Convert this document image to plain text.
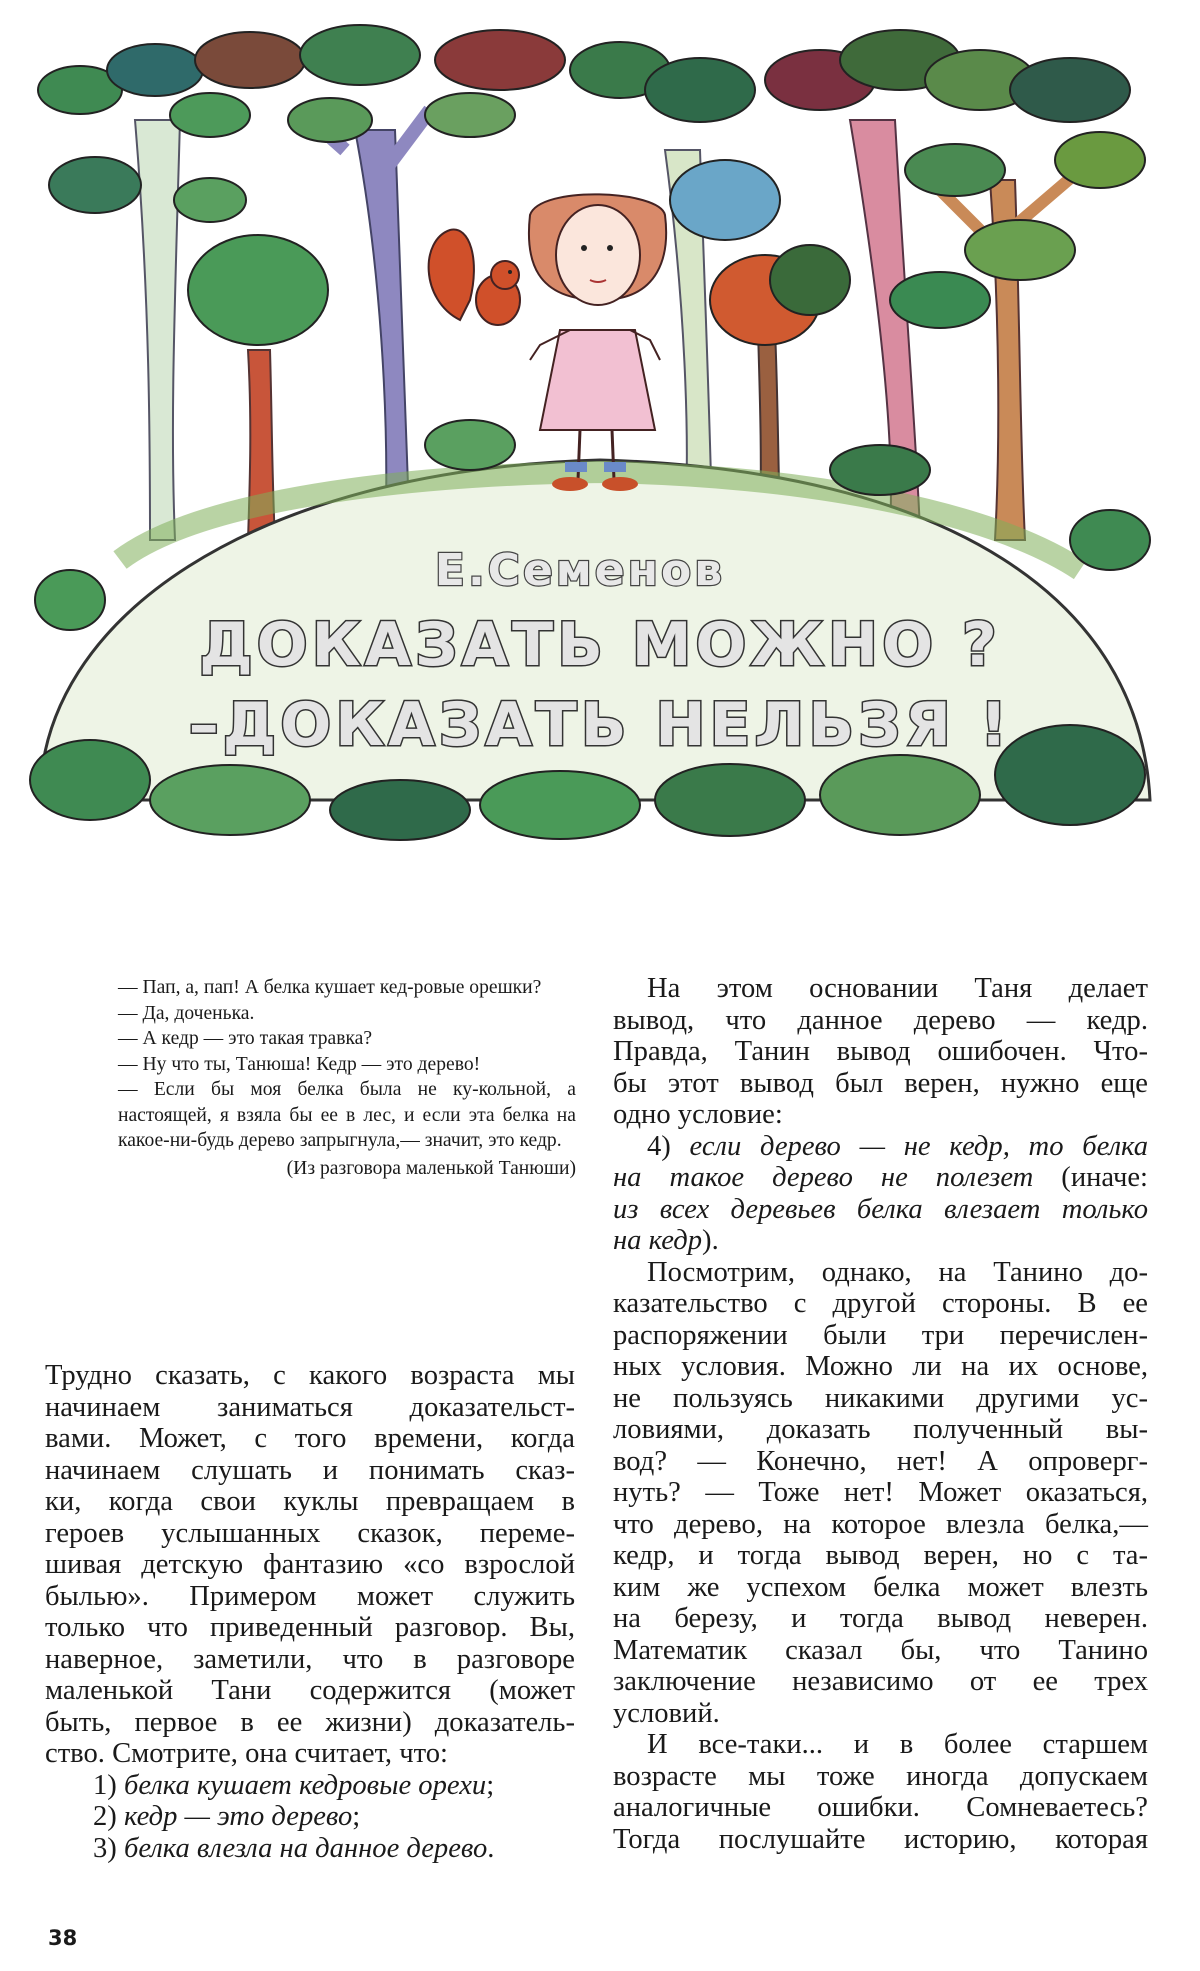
Е.Семенов
ДОКАЗАТЬ МОЖНО ?
–ДОКАЗАТЬ НЕЛЬЗЯ !

— Пап, а, пап! А белка кушает кед-ровые орешки?

— Да, доченька.

— А кедр — это такая травка?

— Ну что ты, Танюша! Кедр — это дерево!

— Если бы моя белка была не ку-кольной, а настоящей, я взяла бы ее в лес, и если эта белка на какое-ни-будь дерево запрыгнула,— значит, это кедр.

(Из разговора маленькой Танюши)

Трудно сказать, с какого возраста мы
начинаем заниматься доказательст-
вами. Может, с того времени, когда
начинаем слушать и понимать сказ-
ки, когда свои куклы превращаем в
героев услышанных сказок, переме-
шивая детскую фантазию «со взрослой
былью». Примером может служить
только что приведенный разговор. Вы,
наверное, заметили, что в разговоре
маленькой Тани содержится (может
быть, первое в ее жизни) доказатель-
ство. Смотрите, она считает, что:
1) белка кушает кедровые орехи;
2) кедр — это дерево;
3) белка влезла на данное дерево.
На этом основании Таня делает
вывод, что данное дерево — кедр.
Правда, Танин вывод ошибочен. Что-
бы этот вывод был верен, нужно еще
одно условие:
4) если дерево — не кедр, то белка
на такое дерево не полезет (иначе:
из всех деревьев белка влезает только
на кедр).
Посмотрим, однако, на Танино до-
казательство с другой стороны. В ее
распоряжении были три перечислен-
ных условия. Можно ли на их основе,
не пользуясь никакими другими ус-
ловиями, доказать полученный вы-
вод? — Конечно, нет! А опроверг-
нуть? — Тоже нет! Может оказаться,
что дерево, на которое влезла белка,—
кедр, и тогда вывод верен, но с та-
ким же успехом белка может влезть
на березу, и тогда вывод неверен.
Математик сказал бы, что Танино
заключение независимо от ее трех
условий.
И все-таки... и в более старшем
возрасте мы тоже иногда допускаем
аналогичные ошибки. Сомневаетесь?
Тогда послушайте историю, которая
38
